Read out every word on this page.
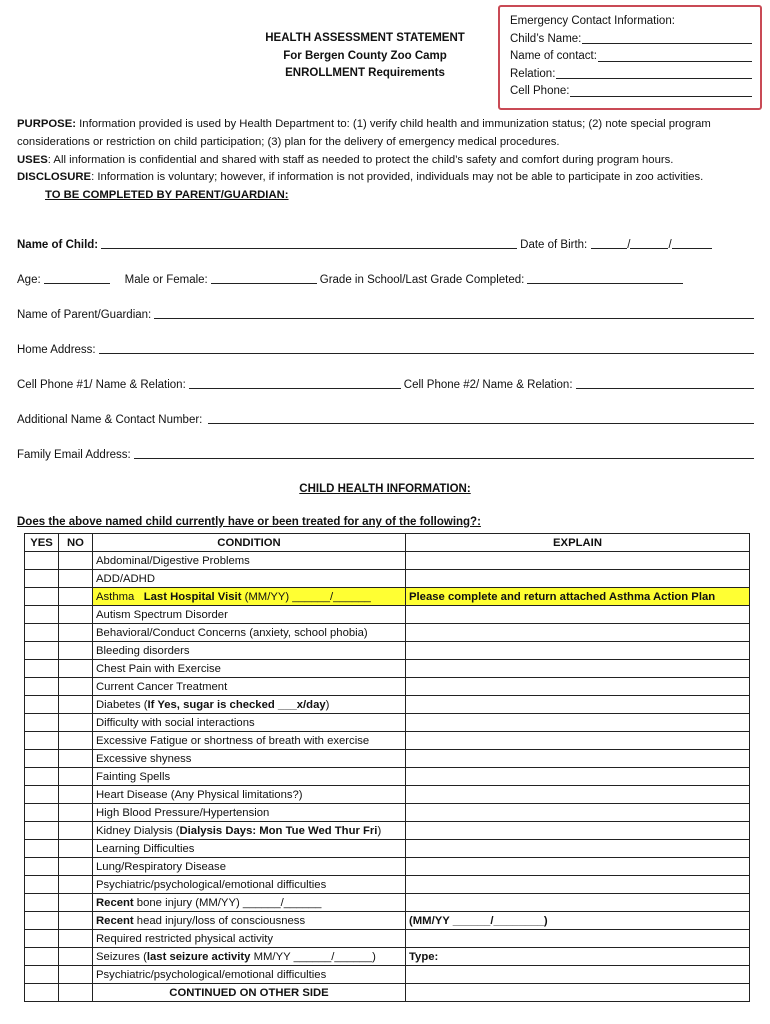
HEALTH ASSESSMENT STATEMENT
For Bergen County Zoo Camp
ENROLLMENT Requirements
Emergency Contact Information:
Child’s Name:
Name of contact:
Relation:
Cell Phone:
PURPOSE: Information provided is used by Health Department to: (1) verify child health and immunization status; (2) note special program considerations or restriction on child participation; (3) plan for the delivery of emergency medical procedures.
USES: All information is confidential and shared with staff as needed to protect the child’s safety and comfort during program hours.
DISCLOSURE: Information is voluntary; however, if information is not provided, individuals may not be able to participate in zoo activities.
TO BE COMPLETED BY PARENT/GUARDIAN:
Name of Child:	Date of Birth:	/	/
Age:	Male or Female:	Grade in School/Last Grade Completed:
Name of Parent/Guardian:
Home Address:
Cell Phone #1/ Name & Relation:	Cell Phone #2/ Name & Relation:
Additional Name & Contact Number:
Family Email Address:
CHILD HEALTH INFORMATION:
Does the above named child currently have or been treated for any of the following?:
YES	NO	CONDITION	EXPLAIN
		Abdominal/Digestive Problems	
		ADD/ADHD	
		Asthma Last Hospital Visit (MM/YY) ______/______	Please complete and return attached Asthma Action Plan
		Autism Spectrum Disorder	
		Behavioral/Conduct Concerns (anxiety, school phobia)	
		Bleeding disorders	
		Chest Pain with Exercise	
		Current Cancer Treatment	
		Diabetes (If Yes, sugar is checked ___x/day)	
		Difficulty with social interactions	
		Excessive Fatigue or shortness of breath with exercise	
		Excessive shyness	
		Fainting Spells	
		Heart Disease (Any Physical limitations?)	
		High Blood Pressure/Hypertension	
		Kidney Dialysis (Dialysis Days: Mon Tue Wed Thur Fri)	
		Learning Difficulties	
		Lung/Respiratory Disease	
		Psychiatric/psychological/emotional difficulties	
		Recent bone injury (MM/YY) ______/______	
		Recent head injury/loss of consciousness	(MM/YY ______/________)
		Required restricted physical activity	
		Seizures (last seizure activity MM/YY ______/______)	Type:
		Psychiatric/psychological/emotional difficulties	
		CONTINUED ON OTHER SIDE	
